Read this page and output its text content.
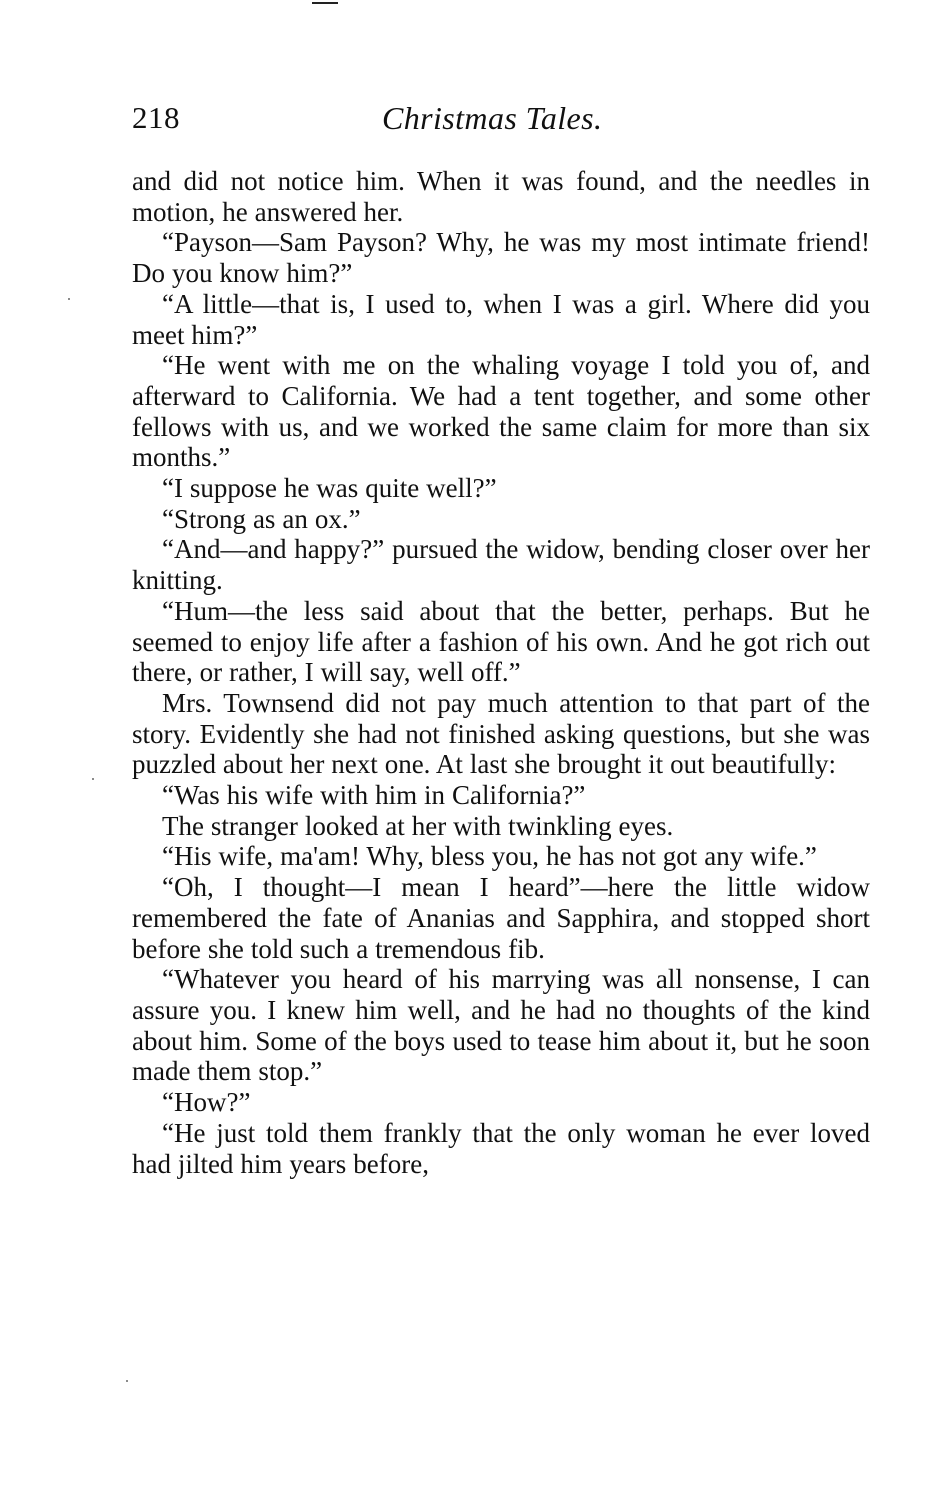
218	Christmas Tales.

and did not notice him. When it was found, and the needles in motion, he answered her.

“Payson—Sam Payson? Why, he was my most intimate friend! Do you know him?”

“A little—that is, I used to, when I was a girl. Where did you meet him?”

“He went with me on the whaling voyage I told you of, and afterward to California. We had a tent together, and some other fellows with us, and we worked the same claim for more than six months.”

“I suppose he was quite well?”

“Strong as an ox.”

“And—and happy?” pursued the widow, bending closer over her knitting.

“Hum—the less said about that the better, perhaps. But he seemed to enjoy life after a fashion of his own. And he got rich out there, or rather, I will say, well off.”

Mrs. Townsend did not pay much attention to that part of the story. Evidently she had not finished asking questions, but she was puzzled about her next one. At last she brought it out beautifully:

“Was his wife with him in California?”

The stranger looked at her with twinkling eyes.

“His wife, ma'am! Why, bless you, he has not got any wife.”

“Oh, I thought—I mean I heard”—here the little widow remembered the fate of Ananias and Sapphira, and stopped short before she told such a tremendous fib.

“Whatever you heard of his marrying was all nonsense, I can assure you. I knew him well, and he had no thoughts of the kind about him. Some of the boys used to tease him about it, but he soon made them stop.”

“How?”

“He just told them frankly that the only woman he ever loved had jilted him years before,
